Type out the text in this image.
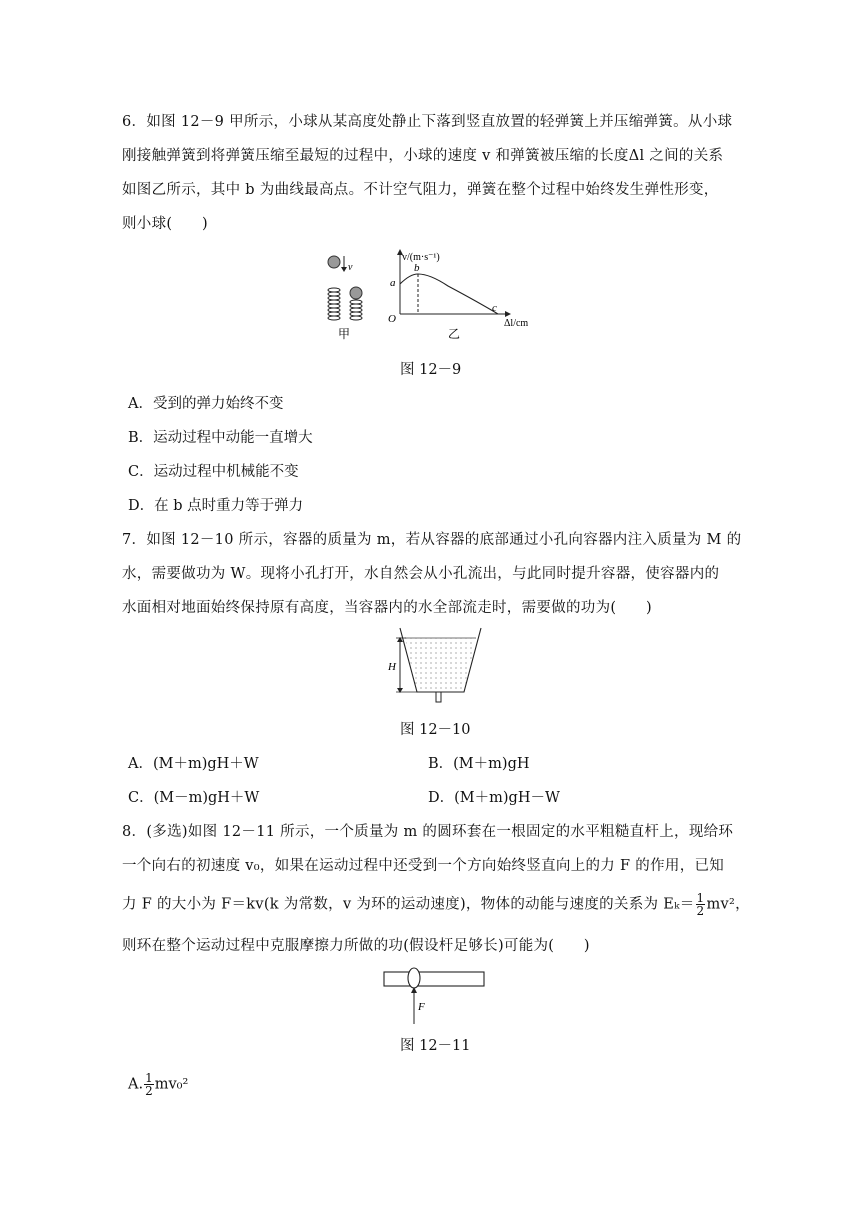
6．如图 12－9 甲所示，小球从某高度处静止下落到竖直放置的轻弹簧上并压缩弹簧。从小球
刚接触弹簧到将弹簧压缩至最短的过程中，小球的速度 v 和弹簧被压缩的长度Δl 之间的关系
如图乙所示，其中 b 为曲线最高点。不计空气阻力，弹簧在整个过程中始终发生弹性形变，
则小球(　　)
v
甲
v/(m·s⁻¹)
Δl/cm
O
a
b
c
乙
图 12－9
A．受到的弹力始终不变
B．运动过程中动能一直增大
C．运动过程中机械能不变
D．在 b 点时重力等于弹力
7．如图 12－10 所示，容器的质量为 m，若从容器的底部通过小孔向容器内注入质量为 M 的
水，需要做功为 W。现将小孔打开，水自然会从小孔流出，与此同时提升容器，使容器内的
水面相对地面始终保持原有高度，当容器内的水全部流走时，需要做的功为(　　)
H
图 12－10
A．(M＋m)gH＋W	B．(M＋m)gH
C．(M－m)gH＋W	D．(M＋m)gH－W
8．(多选)如图 12－11 所示，一个质量为 m 的圆环套在一根固定的水平粗糙直杆上，现给环
一个向右的初速度 v₀，如果在运动过程中还受到一个方向始终竖直向上的力 F 的作用，已知
力 F 的大小为 F＝kv(k 为常数，v 为环的运动速度)，物体的动能与速度的关系为 $E_k= \frac{1}{2} mv^2$，
则环在整个运动过程中克服摩擦力所做的功(假设杆足够长)可能为(　　)
F
图 12－11
A. $\frac{1}{2} mv_0^2$
